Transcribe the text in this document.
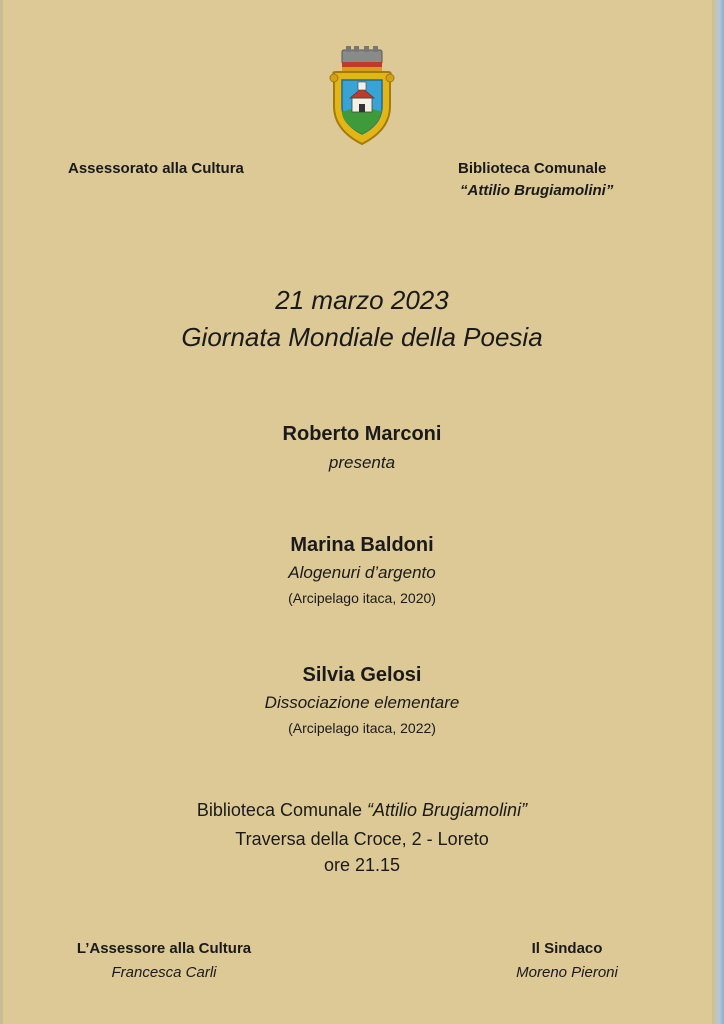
Assessorato alla Cultura	Biblioteca Comunale
“Attilio Brugiamolini”
21 marzo 2023
Giornata Mondiale della Poesia
Roberto Marconi
presenta
Marina Baldoni
Alogenuri d’argento
(Arcipelago itaca, 2020)
Silvia Gelosi
Dissociazione elementare
(Arcipelago itaca, 2022)
Biblioteca Comunale “Attilio Brugiamolini”
Traversa della Croce, 2 - Loreto
ore 21.15
L’Assessore alla Cultura
Francesca Carli
Il Sindaco
Moreno Pieroni
